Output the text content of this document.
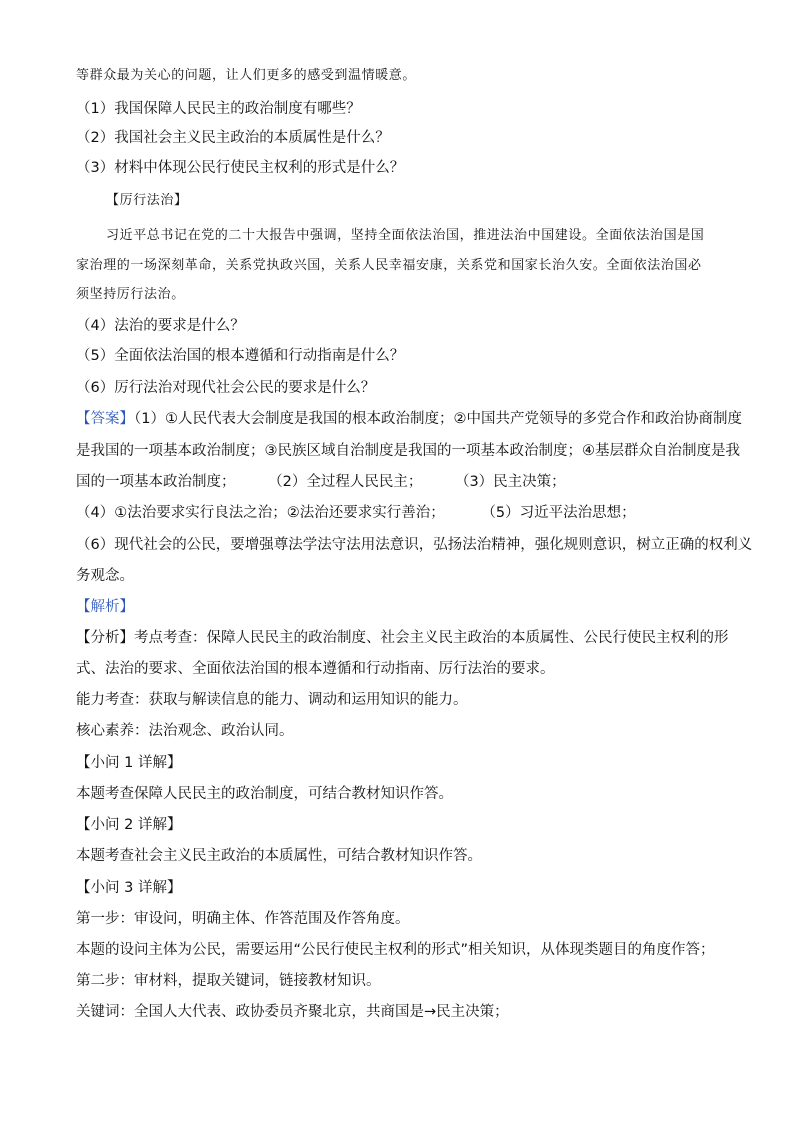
等群众最为关心的问题，让人们更多的感受到温情暖意。
（1）我国保障人民民主的政治制度有哪些？
（2）我国社会主义民主政治的本质属性是什么？
（3）材料中体现公民行使民主权利的形式是什么？
【厉行法治】
习近平总书记在党的二十大报告中强调，坚持全面依法治国，推进法治中国建设。全面依法治国是国
家治理的一场深刻革命，关系党执政兴国，关系人民幸福安康，关系党和国家长治久安。全面依法治国必
须坚持厉行法治。
（4）法治的要求是什么？
（5）全面依法治国的根本遵循和行动指南是什么？
（6）厉行法治对现代社会公民的要求是什么？
【答案】（1）①人民代表大会制度是我国的根本政治制度；②中国共产党领导的多党合作和政治协商制度
是我国的一项基本政治制度；③民族区域自治制度是我国的一项基本政治制度；④基层群众自治制度是我
国的一项基本政治制度； （2）全过程人民民主； （3）民主决策；
（4）①法治要求实行良法之治；②法治还要求实行善治；	（5）习近平法治思想；
（6）现代社会的公民，要增强尊法学法守法用法意识，弘扬法治精神，强化规则意识，树立正确的权利义
务观念。
【解析】
【分析】考点考查：保障人民民主的政治制度、社会主义民主政治的本质属性、公民行使民主权利的形
式、法治的要求、全面依法治国的根本遵循和行动指南、厉行法治的要求。
能力考查：获取与解读信息的能力、调动和运用知识的能力。
核心素养：法治观念、政治认同。
【小问 1 详解】
本题考查保障人民民主的政治制度，可结合教材知识作答。
【小问 2 详解】
本题考查社会主义民主政治的本质属性，可结合教材知识作答。
【小问 3 详解】
第一步：审设问，明确主体、作答范围及作答角度。
本题的设问主体为公民，需要运用“公民行使民主权利的形式”相关知识，从体现类题目的角度作答；
第二步：审材料，提取关键词，链接教材知识。
关键词：全国人大代表、政协委员齐聚北京，共商国是→民主决策；
